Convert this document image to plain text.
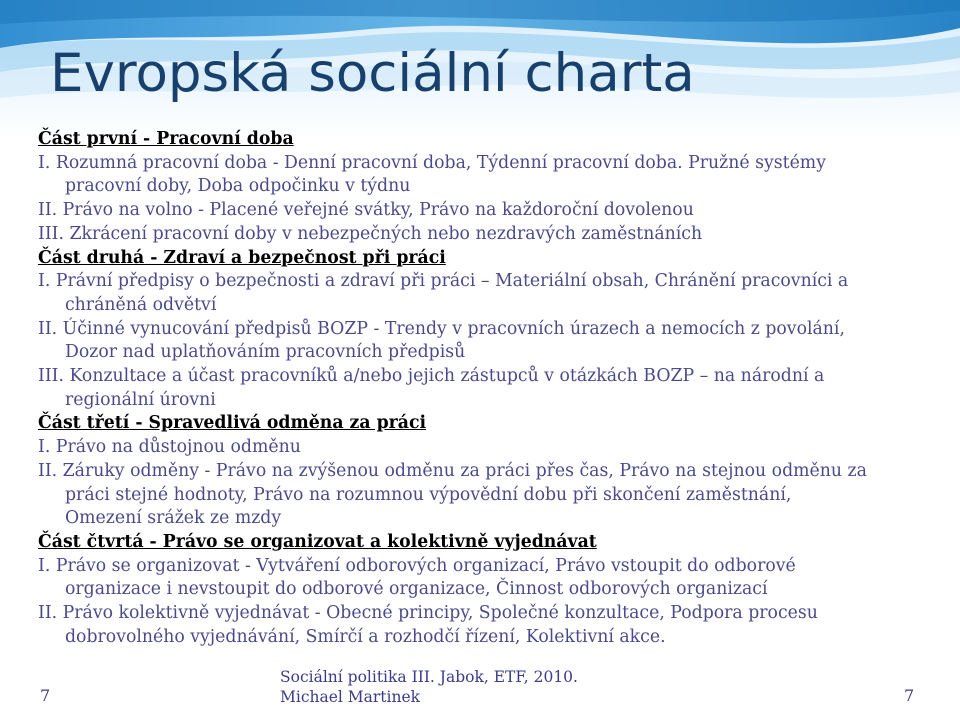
Evropská sociální charta
Část první - Pracovní doba
I. Rozumná pracovní doba - Denní pracovní doba, Týdenní pracovní doba. Pružné systémy
pracovní doby, Doba odpočinku v týdnu
II. Právo na volno - Placené veřejné svátky, Právo na každoroční dovolenou
III. Zkrácení pracovní doby v nebezpečných nebo nezdravých zaměstnáních
Část druhá - Zdraví a bezpečnost při práci
I. Právní předpisy o bezpečnosti a zdraví při práci – Materiální obsah, Chránění pracovníci a
chráněná odvětví
II. Účinné vynucování předpisů BOZP - Trendy v pracovních úrazech a nemocích z povolání,
Dozor nad uplatňováním pracovních předpisů
III. Konzultace a účast pracovníků a/nebo jejich zástupců v otázkách BOZP – na národní a
regionální úrovni
Část třetí - Spravedlivá odměna za práci
I. Právo na důstojnou odměnu
II. Záruky odměny - Právo na zvýšenou odměnu za práci přes čas, Právo na stejnou odměnu za
práci stejné hodnoty, Právo na rozumnou výpovědní dobu při skončení zaměstnání,
Omezení srážek ze mzdy
Část čtvrtá - Právo se organizovat a kolektivně vyjednávat
I. Právo se organizovat - Vytváření odborových organizací, Právo vstoupit do odborové
organizace i nevstoupit do odborové organizace, Činnost odborových organizací
II. Právo kolektivně vyjednávat - Obecné principy, Společné konzultace, Podpora procesu
dobrovolného vyjednávání, Smírčí a rozhodčí řízení, Kolektivní akce.
Sociální politika III. Jabok, ETF, 2010.
Michael Martinek
7	7
